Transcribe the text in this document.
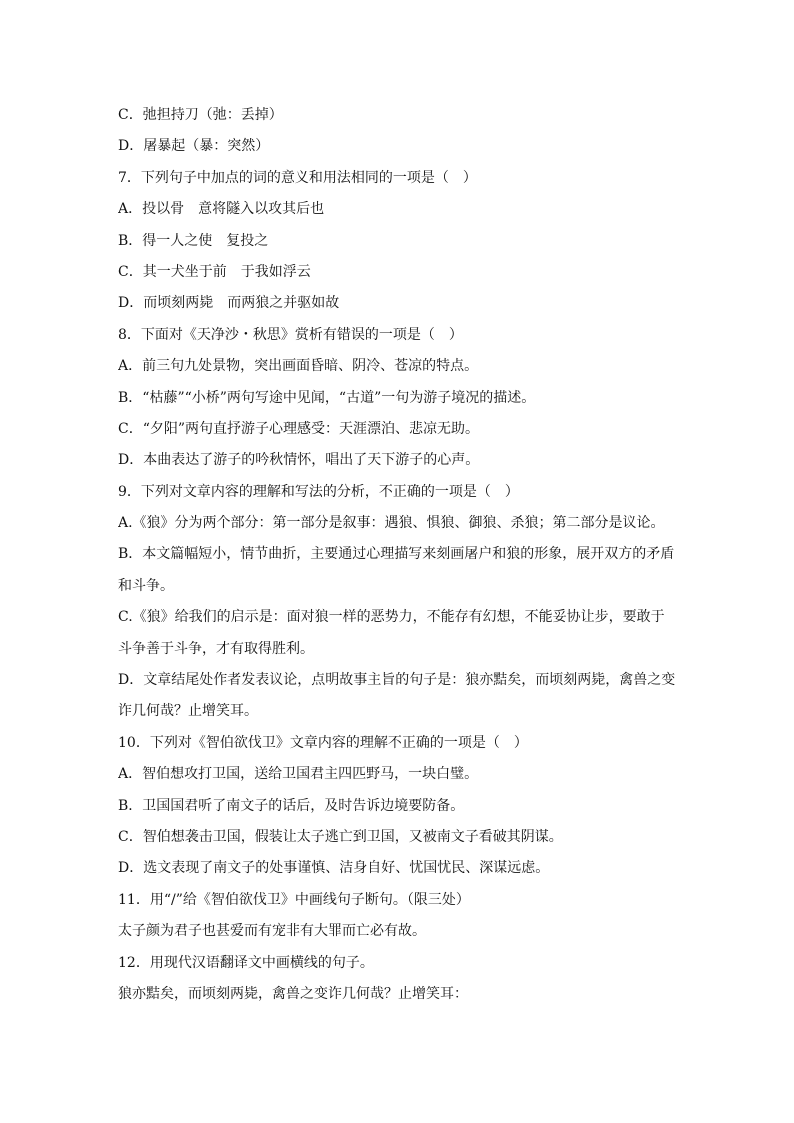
C．弛担持刀（弛：丢掉）
D．屠暴起（暴：突然）
7．下列句子中加点的词的意义和用法相同的一项是（　）
A．投以骨　意将隧入以攻其后也
B．得一人之使　复投之
C．其一犬坐于前　于我如浮云
D．而顷刻两毙　而两狼之并驱如故
8．下面对《天净沙・秋思》赏析有错误的一项是（　）
A．前三句九处景物，突出画面昏暗、阴冷、苍凉的特点。
B．“枯藤”“小桥”两句写途中见闻，“古道”一句为游子境况的描述。
C．“夕阳”两句直抒游子心理感受：天涯漂泊、悲凉无助。
D．本曲表达了游子的吟秋情怀，唱出了天下游子的心声。
9．下列对文章内容的理解和写法的分析，不正确的一项是（　）
A.《狼》分为两个部分：第一部分是叙事：遇狼、惧狼、御狼、杀狼；第二部分是议论。
B．本文篇幅短小，情节曲折，主要通过心理描写来刻画屠户和狼的形象，展开双方的矛盾
和斗争。
C.《狼》给我们的启示是：面对狼一样的恶势力，不能存有幻想，不能妥协让步，要敢于
斗争善于斗争，才有取得胜利。
D．文章结尾处作者发表议论，点明故事主旨的句子是：狼亦黠矣，而顷刻两毙，禽兽之变
诈几何哉？止增笑耳。
10．下列对《智伯欲伐卫》文章内容的理解不正确的一项是（　）
A．智伯想攻打卫国，送给卫国君主四匹野马，一块白璧。
B．卫国国君听了南文子的话后，及时告诉边境要防备。
C．智伯想袭击卫国，假装让太子逃亡到卫国，又被南文子看破其阴谋。
D．选文表现了南文子的处事谨慎、洁身自好、忧国忧民、深谋远虑。
11．用“/”给《智伯欲伐卫》中画线句子断句。（限三处）
太子颜为君子也甚爱而有宠非有大罪而亡必有故。
12．用现代汉语翻译文中画横线的句子。
狼亦黠矣，而顷刻两毙，禽兽之变诈几何哉？止增笑耳：
